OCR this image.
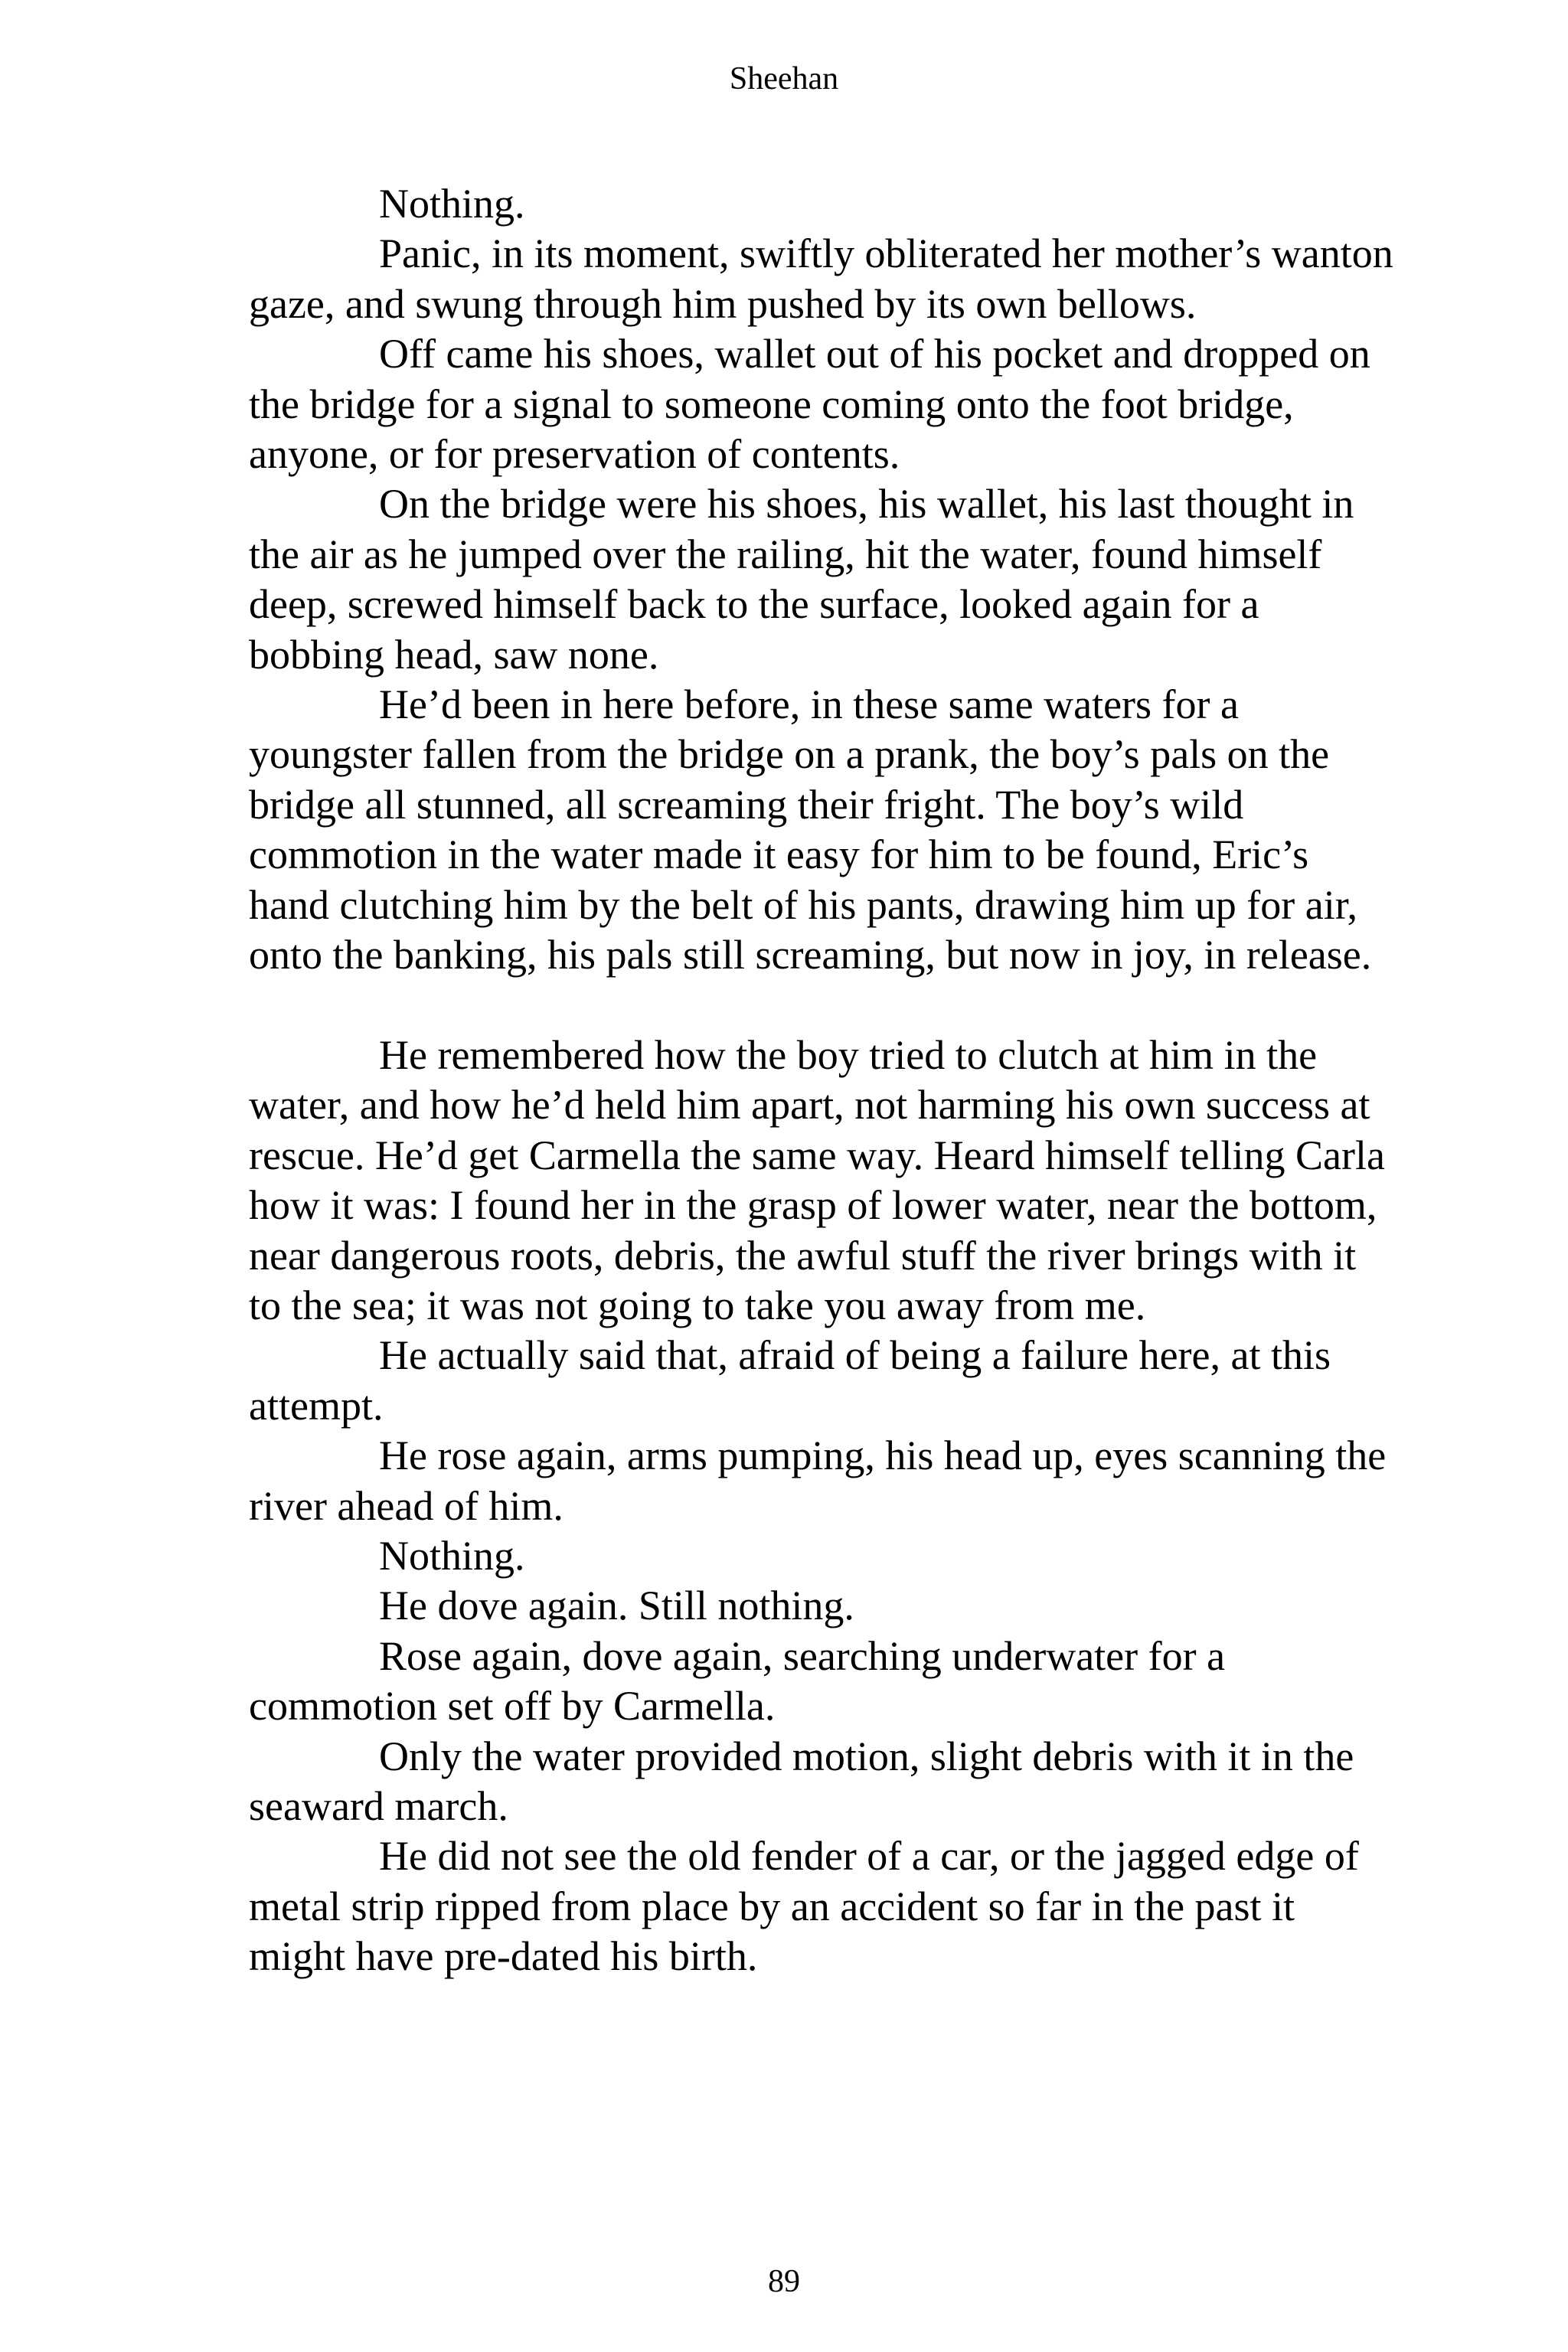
Sheehan

Nothing.

Panic, in its moment, swiftly obliterated her mother’s wanton gaze, and swung through him pushed by its own bellows.

Off came his shoes, wallet out of his pocket and dropped on the bridge for a signal to someone coming onto the foot bridge, anyone, or for preservation of contents.

On the bridge were his shoes, his wallet, his last thought in the air as he jumped over the railing, hit the water, found himself deep, screwed himself back to the surface, looked again for a bobbing head, saw none.

He’d been in here before, in these same waters for a youngster fallen from the bridge on a prank, the boy’s pals on the bridge all stunned, all screaming their fright. The boy’s wild commotion in the water made it easy for him to be found, Eric’s hand clutching him by the belt of his pants, drawing him up for air, onto the banking, his pals still screaming, but now in joy, in release.

He remembered how the boy tried to clutch at him in the water, and how he’d held him apart, not harming his own success at rescue. He’d get Carmella the same way. Heard himself telling Carla how it was: I found her in the grasp of lower water, near the bottom, near dangerous roots, debris, the awful stuff the river brings with it to the sea; it was not going to take you away from me.

He actually said that, afraid of being a failure here, at this attempt.

He rose again, arms pumping, his head up, eyes scanning the river ahead of him.

Nothing.

He dove again. Still nothing.

Rose again, dove again, searching underwater for a commotion set off by Carmella.

Only the water provided motion, slight debris with it in the seaward march.

He did not see the old fender of a car, or the jagged edge of metal strip ripped from place by an accident so far in the past it might have pre-dated his birth.

89
